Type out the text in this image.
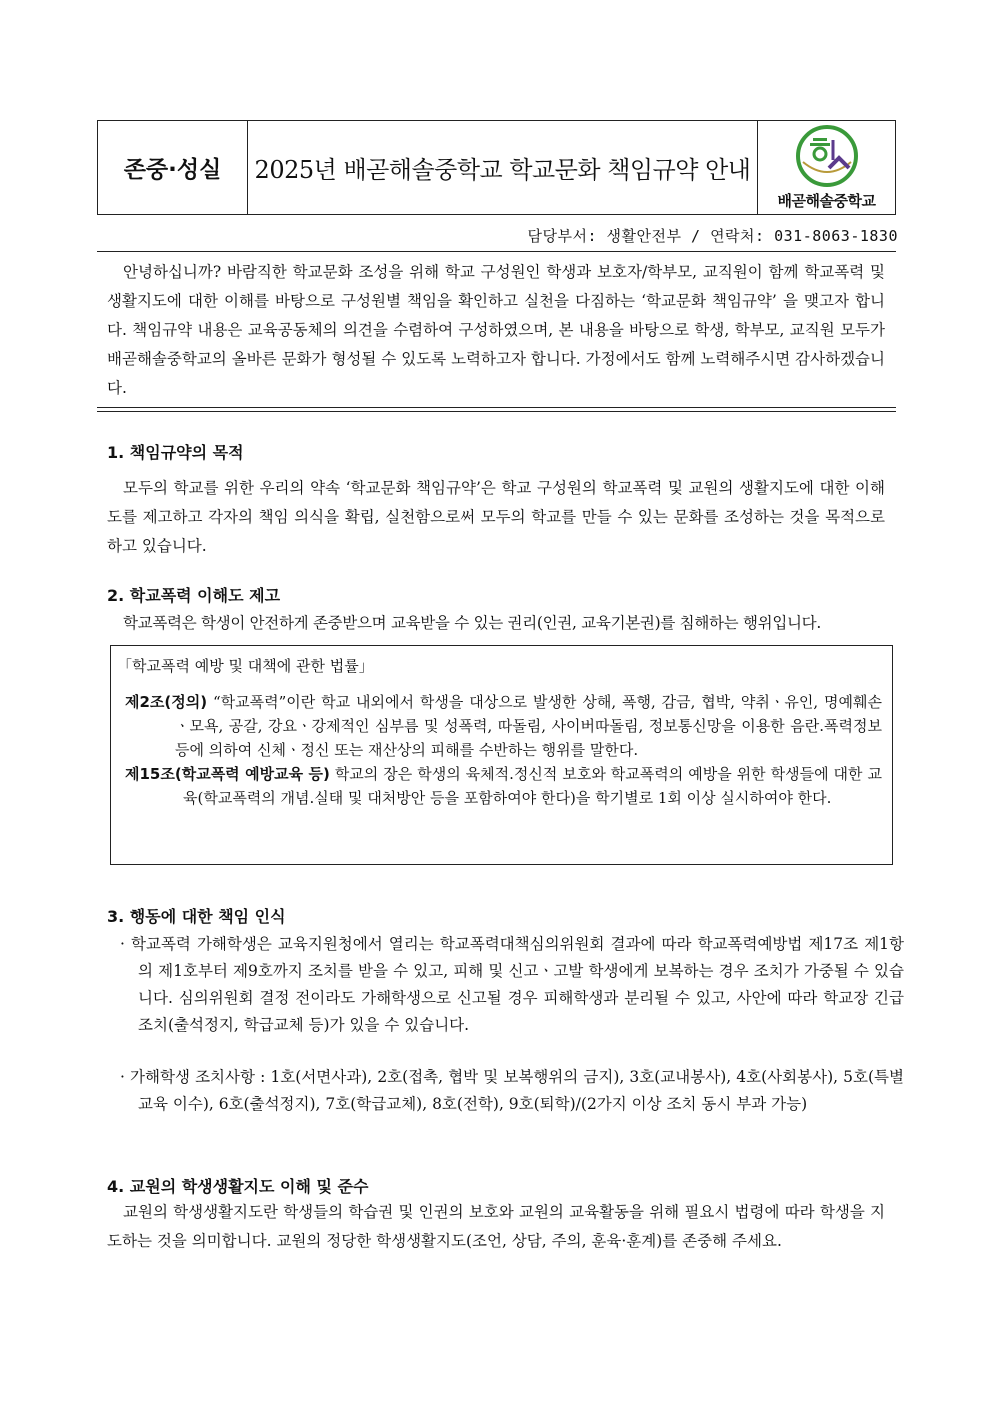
존중·성실	2025년 배곧해솔중학교 학교문화 책임규약 안내
배곧해솔중학교
담당부서: 생활안전부 / 연락처: 031-8063-1830
안녕하십니까? 바람직한 학교문화 조성을 위해 학교 구성원인 학생과 보호자/학부모, 교직원이 함께 학교폭력 및 생활지도에 대한 이해를 바탕으로 구성원별 책임을 확인하고 실천을 다짐하는 ‘학교문화 책임규약’ 을 맺고자 합니다. 책임규약 내용은 교육공동체의 의견을 수렴하여 구성하였으며, 본 내용을 바탕으로 학생, 학부모, 교직원 모두가 배곧해솔중학교의 올바른 문화가 형성될 수 있도록 노력하고자 합니다. 가정에서도 함께 노력해주시면 감사하겠습니다.
1. 책임규약의 목적
모두의 학교를 위한 우리의 약속 ‘학교문화 책임규약’은 학교 구성원의 학교폭력 및 교원의 생활지도에 대한 이해도를 제고하고 각자의 책임 의식을 확립, 실천함으로써 모두의 학교를 만들 수 있는 문화를 조성하는 것을 목적으로 하고 있습니다.
2. 학교폭력 이해도 제고
학교폭력은 학생이 안전하게 존중받으며 교육받을 수 있는 권리(인권, 교육기본권)를 침해하는 행위입니다.
「학교폭력 예방 및 대책에 관한 법률」
제2조(정의) “학교폭력”이란 학교 내외에서 학생을 대상으로 발생한 상해, 폭행, 감금, 협박, 약취ㆍ유인, 명예훼손 ㆍ모욕, 공갈, 강요ㆍ강제적인 심부름 및 성폭력, 따돌림, 사이버따돌림, 정보통신망을 이용한 음란.폭력정보 등에 의하여 신체ㆍ정신 또는 재산상의 피해를 수반하는 행위를 말한다.
제15조(학교폭력 예방교육 등) 학교의 장은 학생의 육체적.정신적 보호와 학교폭력의 예방을 위한 학생들에 대한 교육(학교폭력의 개념.실태 및 대처방안 등을 포함하여야 한다)을 학기별로 1회 이상 실시하여야 한다.
3. 행동에 대한 책임 인식
· 학교폭력 가해학생은 교육지원청에서 열리는 학교폭력대책심의위원회 결과에 따라 학교폭력예방법 제17조 제1항의 제1호부터 제9호까지 조치를 받을 수 있고, 피해 및 신고ㆍ고발 학생에게 보복하는 경우 조치가 가중될 수 있습니다. 심의위원회 결정 전이라도 가해학생으로 신고될 경우 피해학생과 분리될 수 있고, 사안에 따라 학교장 긴급조치(출석정지, 학급교체 등)가 있을 수 있습니다.
· 가해학생 조치사항 : 1호(서면사과), 2호(접촉, 협박 및 보복행위의 금지), 3호(교내봉사), 4호(사회봉사), 5호(특별교육 이수), 6호(출석정지), 7호(학급교체), 8호(전학), 9호(퇴학)/(2가지 이상 조치 동시 부과 가능)
4. 교원의 학생생활지도 이해 및 준수
교원의 학생생활지도란 학생들의 학습권 및 인권의 보호와 교원의 교육활동을 위해 필요시 법령에 따라 학생을 지도하는 것을 의미합니다. 교원의 정당한 학생생활지도(조언, 상담, 주의, 훈육·훈계)를 존중해 주세요.
